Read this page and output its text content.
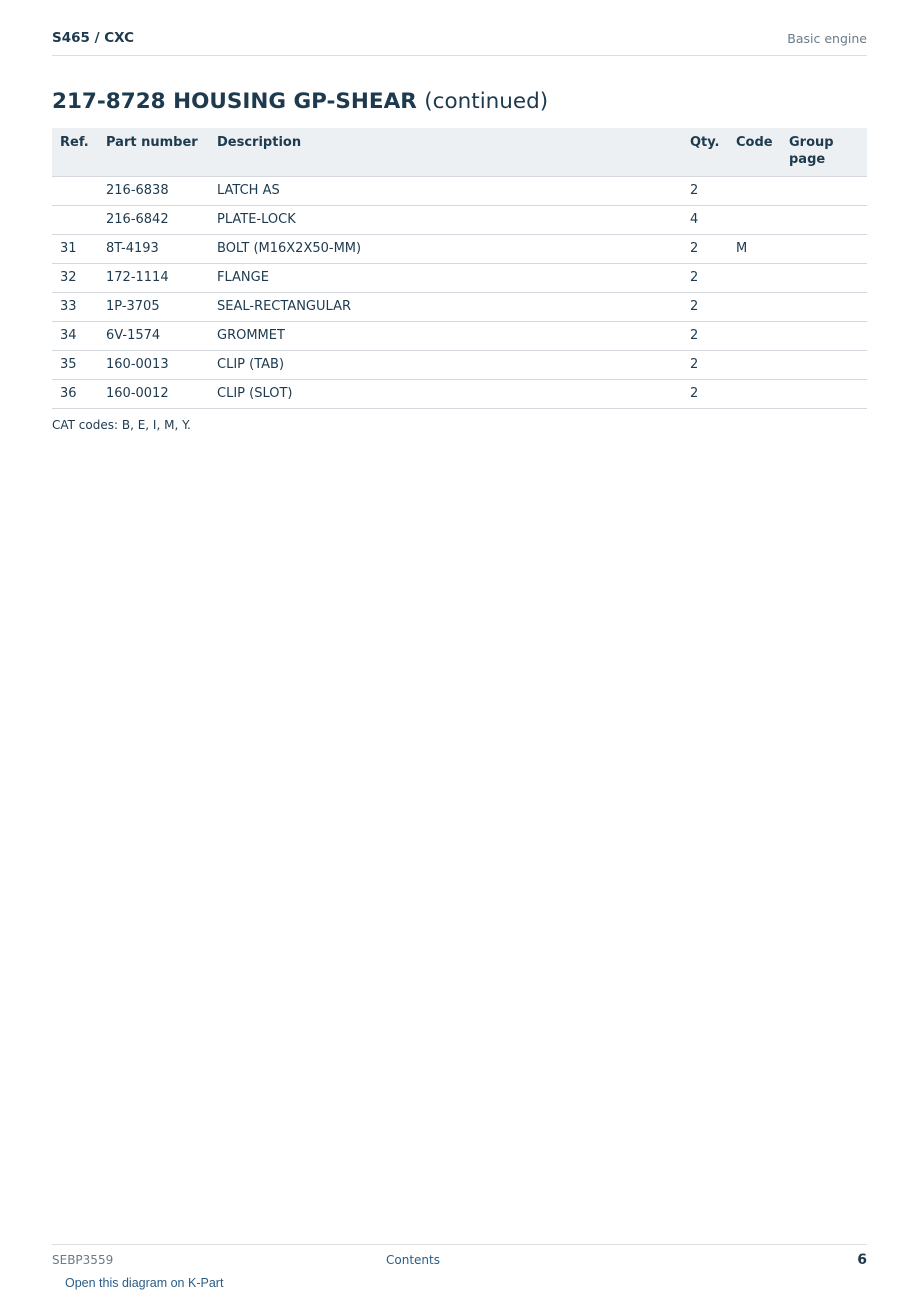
S465 / CXC	Basic engine
217-8728 HOUSING GP-SHEAR (continued)
Ref.	Part number	Description	Qty.	Code	Group page
	216-6838	LATCH AS	2		
	216-6842	PLATE-LOCK	4		
31	8T-4193	BOLT (M16X2X50-MM)	2	M	
32	172-1114	FLANGE	2		
33	1P-3705	SEAL-RECTANGULAR	2		
34	6V-1574	GROMMET	2		
35	160-0013	CLIP (TAB)	2		
36	160-0012	CLIP (SLOT)	2		
CAT codes: B, E, I, M, Y.
SEBP3559	Contents	6
Open this diagram on K-Part
